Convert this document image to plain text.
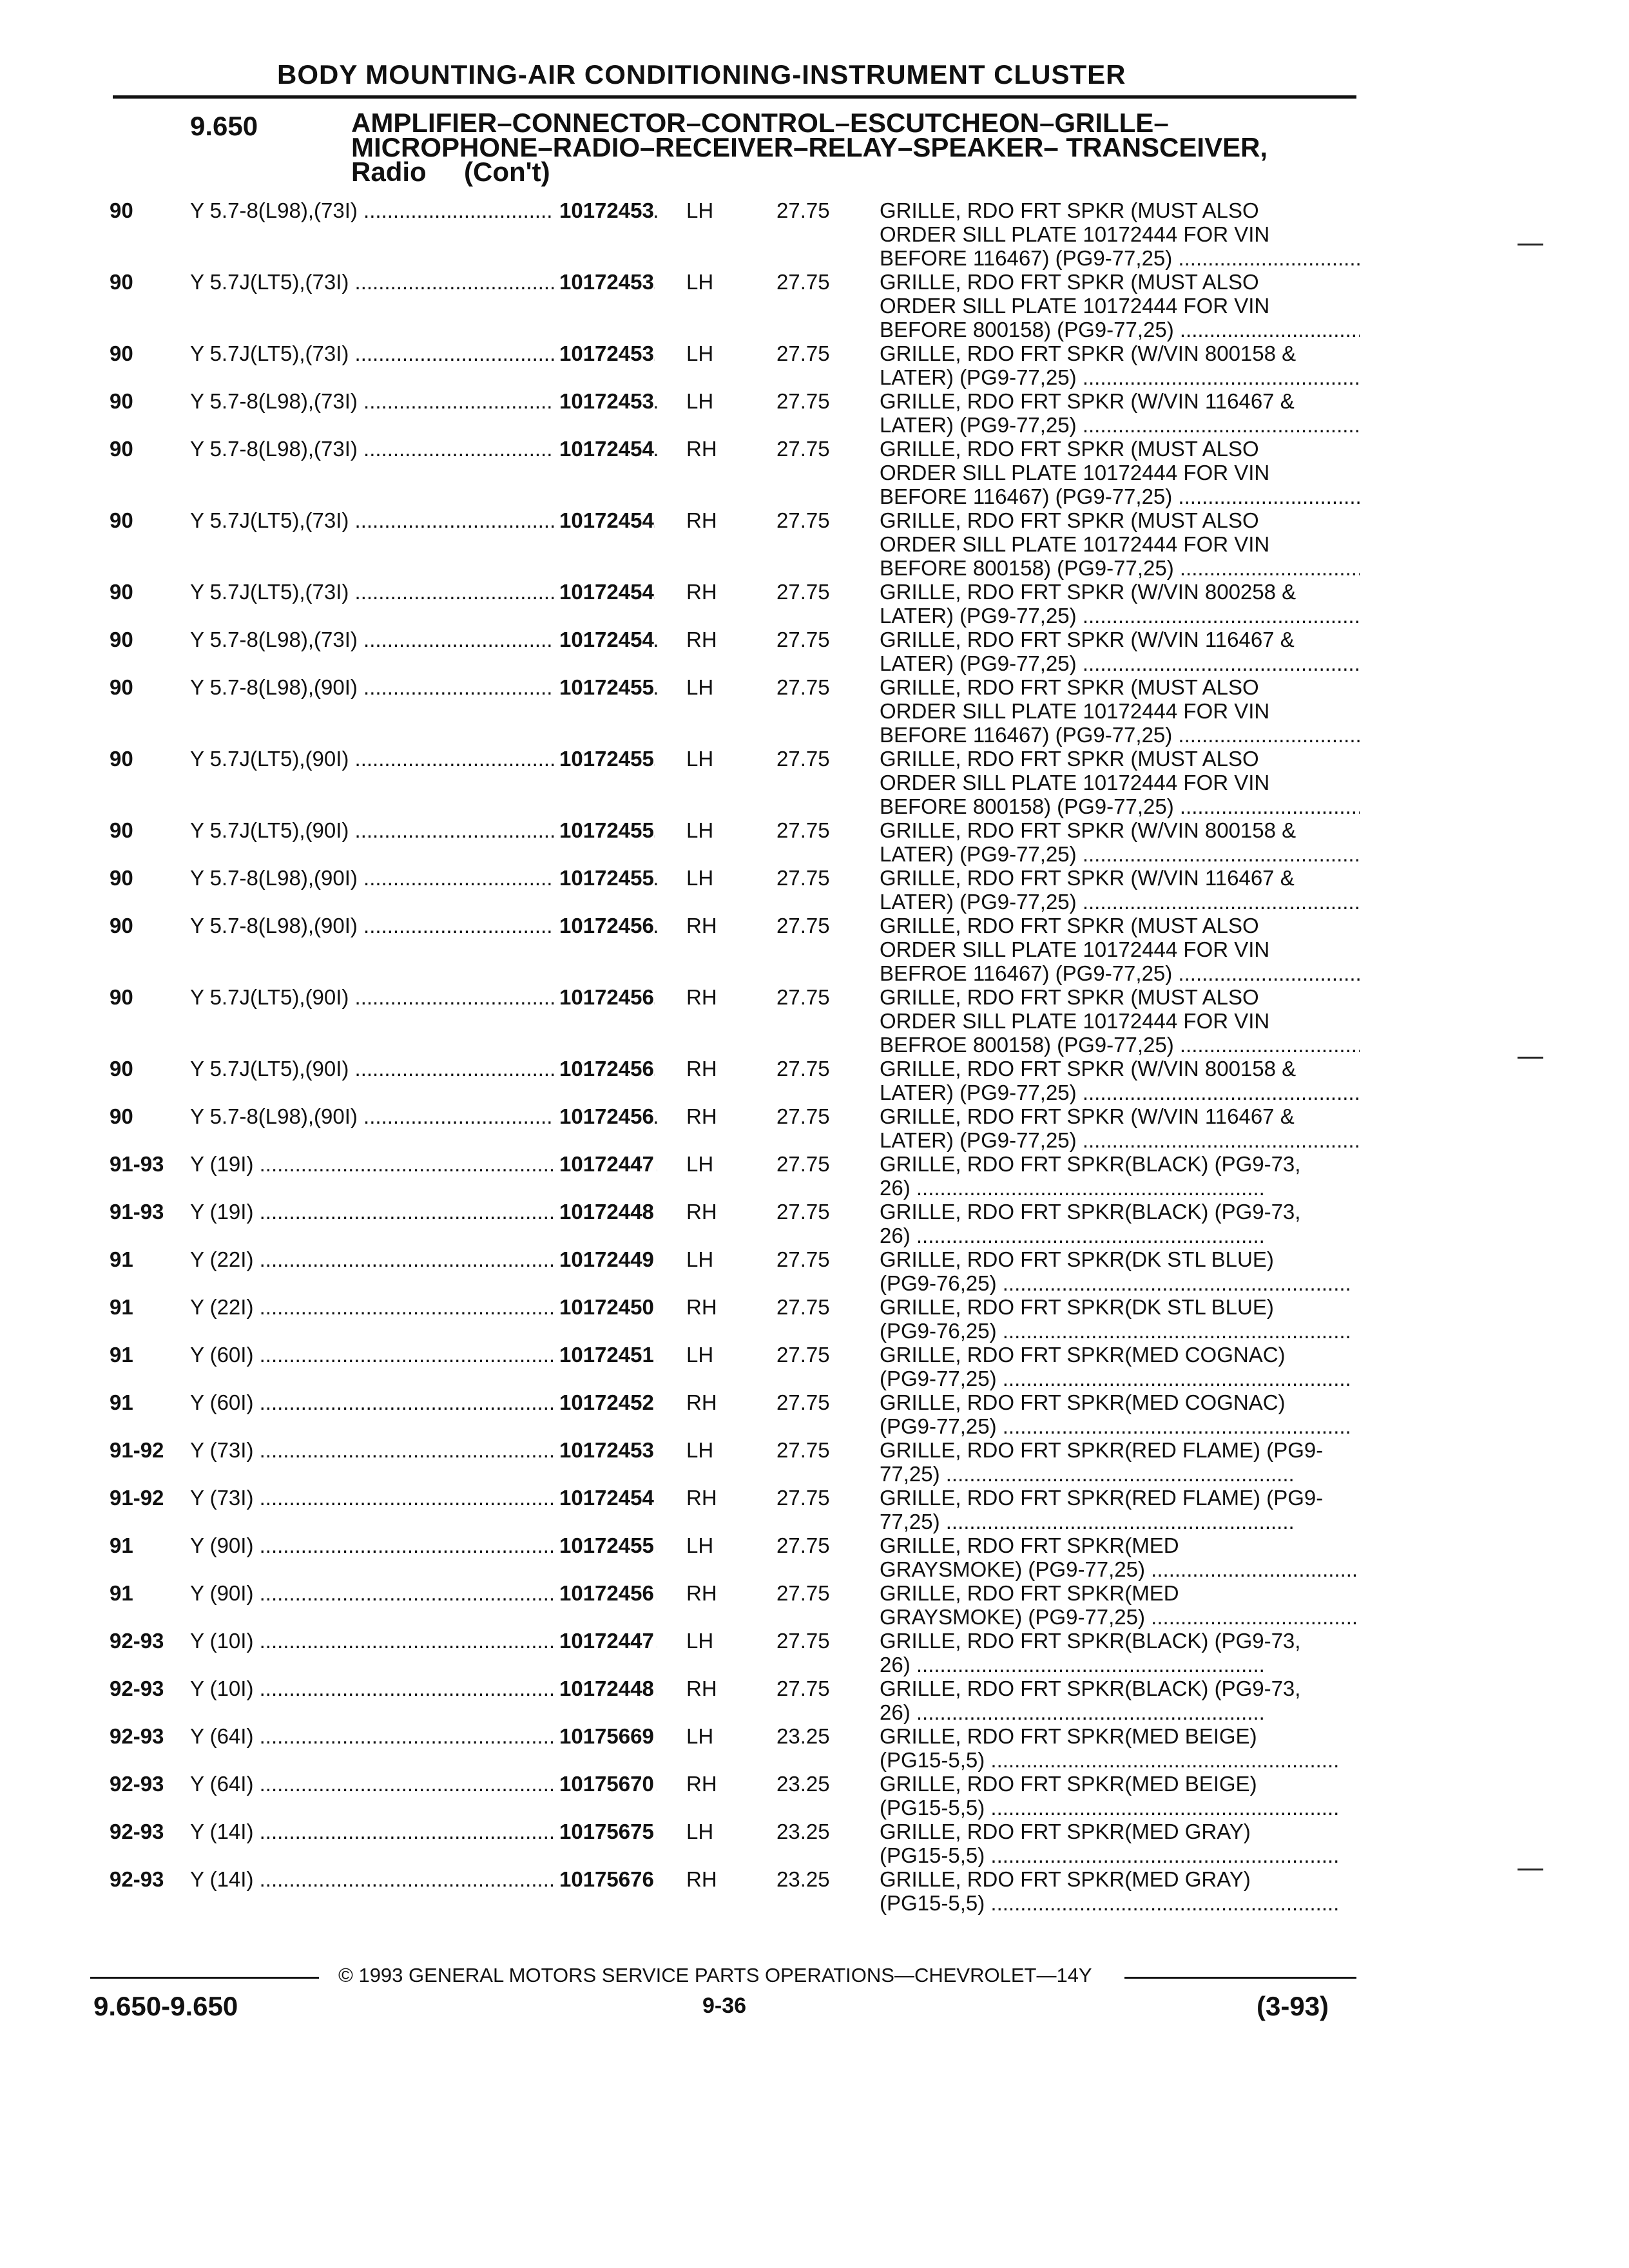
BODY MOUNTING-AIR CONDITIONING-INSTRUMENT CLUSTER
9.650	AMPLIFIER–CONNECTOR–CONTROL–ESCUTCHEON–GRILLE–
MICROPHONE–RADIO–RECEIVER–RELAY–SPEAKER– TRANSCEIVER,
Radio     (Con't)
90	Y 5.7-8(L98),(73I) .....	10172453 LH	27.75 GRILLE, RDO FRT SPKR (MUST ALSO
ORDER SILL PLATE 10172444 FOR VIN
BEFORE 116467) (PG9-77,25) .....
90	Y 5.7J(LT5),(73I) .....	10172453 LH	27.75 GRILLE, RDO FRT SPKR (MUST ALSO
ORDER SILL PLATE 10172444 FOR VIN
BEFORE 800158) (PG9-77,25) .....
90	Y 5.7J(LT5),(73I) .....	10172453 LH	27.75 GRILLE, RDO FRT SPKR (W/VIN 800158 &
LATER) (PG9-77,25) .....
90	Y 5.7-8(L98),(73I) .....	10172453 LH	27.75 GRILLE, RDO FRT SPKR (W/VIN 116467 &
LATER) (PG9-77,25) .....
90	Y 5.7-8(L98),(73I) .....	10172454 RH	27.75 GRILLE, RDO FRT SPKR (MUST ALSO
ORDER SILL PLATE 10172444 FOR VIN
BEFORE 116467) (PG9-77,25) .....
90	Y 5.7J(LT5),(73I) .....	10172454 RH	27.75 GRILLE, RDO FRT SPKR (MUST ALSO
ORDER SILL PLATE 10172444 FOR VIN
BEFORE 800158) (PG9-77,25) .....
90	Y 5.7J(LT5),(73I) .....	10172454 RH	27.75 GRILLE, RDO FRT SPKR (W/VIN 800258 &
LATER) (PG9-77,25) .....
90	Y 5.7-8(L98),(73I) .....	10172454 RH	27.75 GRILLE, RDO FRT SPKR (W/VIN 116467 &
LATER) (PG9-77,25) .....
90	Y 5.7-8(L98),(90I) .....	10172455 LH	27.75 GRILLE, RDO FRT SPKR (MUST ALSO
ORDER SILL PLATE 10172444 FOR VIN
BEFORE 116467) (PG9-77,25) .....
90	Y 5.7J(LT5),(90I) .....	10172455 LH	27.75 GRILLE, RDO FRT SPKR (MUST ALSO
ORDER SILL PLATE 10172444 FOR VIN
BEFORE 800158) (PG9-77,25) .....
90	Y 5.7J(LT5),(90I) .....	10172455 LH	27.75 GRILLE, RDO FRT SPKR (W/VIN 800158 &
LATER) (PG9-77,25) .....
90	Y 5.7-8(L98),(90I) .....	10172455 LH	27.75 GRILLE, RDO FRT SPKR (W/VIN 116467 &
LATER) (PG9-77,25) .....
90	Y 5.7-8(L98),(90I) .....	10172456 RH	27.75 GRILLE, RDO FRT SPKR (MUST ALSO
ORDER SILL PLATE 10172444 FOR VIN
BEFROE 116467) (PG9-77,25) .....
90	Y 5.7J(LT5),(90I) .....	10172456 RH	27.75 GRILLE, RDO FRT SPKR (MUST ALSO
ORDER SILL PLATE 10172444 FOR VIN
BEFROE 800158) (PG9-77,25) .....
90	Y 5.7J(LT5),(90I) .....	10172456 RH	27.75 GRILLE, RDO FRT SPKR (W/VIN 800158 &
LATER) (PG9-77,25) .....
90	Y 5.7-8(L98),(90I) .....	10172456 RH	27.75 GRILLE, RDO FRT SPKR (W/VIN 116467 &
LATER) (PG9-77,25) .....
91-93 Y (19I) .....	10172447 LH	27.75 GRILLE, RDO FRT SPKR(BLACK) (PG9-73,
26) .....
91-93 Y (19I) .....	10172448 RH	27.75 GRILLE, RDO FRT SPKR(BLACK) (PG9-73,
26) .....
91	Y (22I) .....	10172449 LH	27.75 GRILLE, RDO FRT SPKR(DK STL BLUE)
(PG9-76,25) .....
91	Y (22I) .....	10172450 RH	27.75 GRILLE, RDO FRT SPKR(DK STL BLUE)
(PG9-76,25) .....
91	Y (60I) .....	10172451 LH	27.75 GRILLE, RDO FRT SPKR(MED COGNAC)
(PG9-77,25) .....
91	Y (60I) .....	10172452 RH	27.75 GRILLE, RDO FRT SPKR(MED COGNAC)
(PG9-77,25) .....
91-92 Y (73I) .....	10172453 LH	27.75 GRILLE, RDO FRT SPKR(RED FLAME) (PG9-
77,25) .....
91-92 Y (73I) .....	10172454 RH	27.75 GRILLE, RDO FRT SPKR(RED FLAME) (PG9-
77,25) .....
91	Y (90I) .....	10172455 LH	27.75 GRILLE, RDO FRT SPKR(MED
GRAYSMOKE) (PG9-77,25) .....
91	Y (90I) .....	10172456 RH	27.75 GRILLE, RDO FRT SPKR(MED
GRAYSMOKE) (PG9-77,25) .....
92-93 Y (10I) .....	10172447 LH	27.75 GRILLE, RDO FRT SPKR(BLACK) (PG9-73,
26) .....
92-93 Y (10I) .....	10172448 RH	27.75 GRILLE, RDO FRT SPKR(BLACK) (PG9-73,
26) .....
92-93 Y (64I) .....	10175669 LH	23.25 GRILLE, RDO FRT SPKR(MED BEIGE)
(PG15-5,5) .....
92-93 Y (64I) .....	10175670 RH	23.25 GRILLE, RDO FRT SPKR(MED BEIGE)
(PG15-5,5) .....
92-93 Y (14I) .....	10175675 LH	23.25 GRILLE, RDO FRT SPKR(MED GRAY)
(PG15-5,5) .....
92-93 Y (14I) .....	10175676 RH	23.25 GRILLE, RDO FRT SPKR(MED GRAY)
(PG15-5,5) .....
© 1993 GENERAL MOTORS SERVICE PARTS OPERATIONS—CHEVROLET—14Y
9.650-9.650	9-36	(3-93)
